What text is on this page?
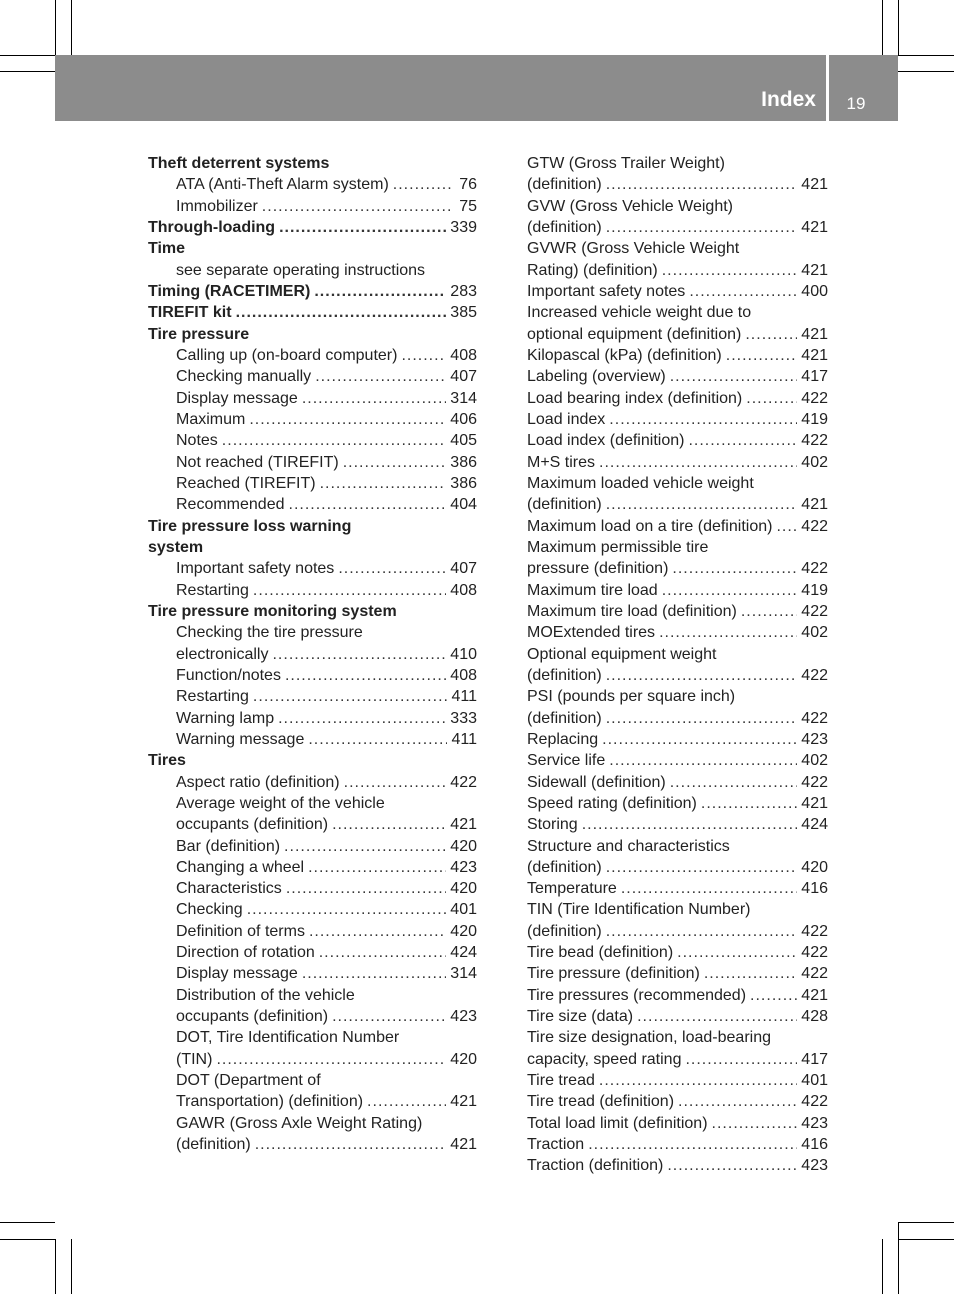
Index	19
Theft deterrent systems
ATA (Anti-Theft Alarm system) .....	76
Immobilizer .....	75
Through-loading .....	339
Time
see separate operating instructions
Timing (RACETIMER) .....	283
TIREFIT kit .....	385
Tire pressure
Calling up (on-board computer) .....	408
Checking manually .....	407
Display message .....	314
Maximum .....	406
Notes .....	405
Not reached (TIREFIT) .....	386
Reached (TIREFIT) .....	386
Recommended .....	404
Tire pressure loss warning
system
Important safety notes .....	407
Restarting .....	408
Tire pressure monitoring system
Checking the tire pressure
electronically .....	410
Function/notes .....	408
Restarting .....	411
Warning lamp .....	333
Warning message .....	411
Tires
Aspect ratio (definition) .....	422
Average weight of the vehicle
occupants (definition) .....	421
Bar (definition) .....	420
Changing a wheel .....	423
Characteristics .....	420
Checking .....	401
Definition of terms .....	420
Direction of rotation .....	424
Display message .....	314
Distribution of the vehicle
occupants (definition) .....	423
DOT, Tire Identification Number
(TIN) .....	420
DOT (Department of
Transportation) (definition) .....	421
GAWR (Gross Axle Weight Rating)
(definition) .....	421
GTW (Gross Trailer Weight)
(definition) .....	421
GVW (Gross Vehicle Weight)
(definition) .....	421
GVWR (Gross Vehicle Weight
Rating) (definition) .....	421
Important safety notes .....	400
Increased vehicle weight due to
optional equipment (definition) .....	421
Kilopascal (kPa) (definition) .....	421
Labeling (overview) .....	417
Load bearing index (definition) .....	422
Load index .....	419
Load index (definition) .....	422
M+S tires .....	402
Maximum loaded vehicle weight
(definition) .....	421
Maximum load on a tire (definition) ..... 422
Maximum permissible tire
pressure (definition) .....	422
Maximum tire load .....	419
Maximum tire load (definition) .....	422
MOExtended tires .....	402
Optional equipment weight
(definition) .....	422
PSI (pounds per square inch)
(definition) .....	422
Replacing .....	423
Service life .....	402
Sidewall (definition) .....	422
Speed rating (definition) .....	421
Storing .....	424
Structure and characteristics
(definition) .....	420
Temperature .....	416
TIN (Tire Identification Number)
(definition) .....	422
Tire bead (definition) .....	422
Tire pressure (definition) .....	422
Tire pressures (recommended) .....	421
Tire size (data) .....	428
Tire size designation, load-bearing
capacity, speed rating .....	417
Tire tread .....	401
Tire tread (definition) .....	422
Total load limit (definition) .....	423
Traction .....	416
Traction (definition) .....	423
